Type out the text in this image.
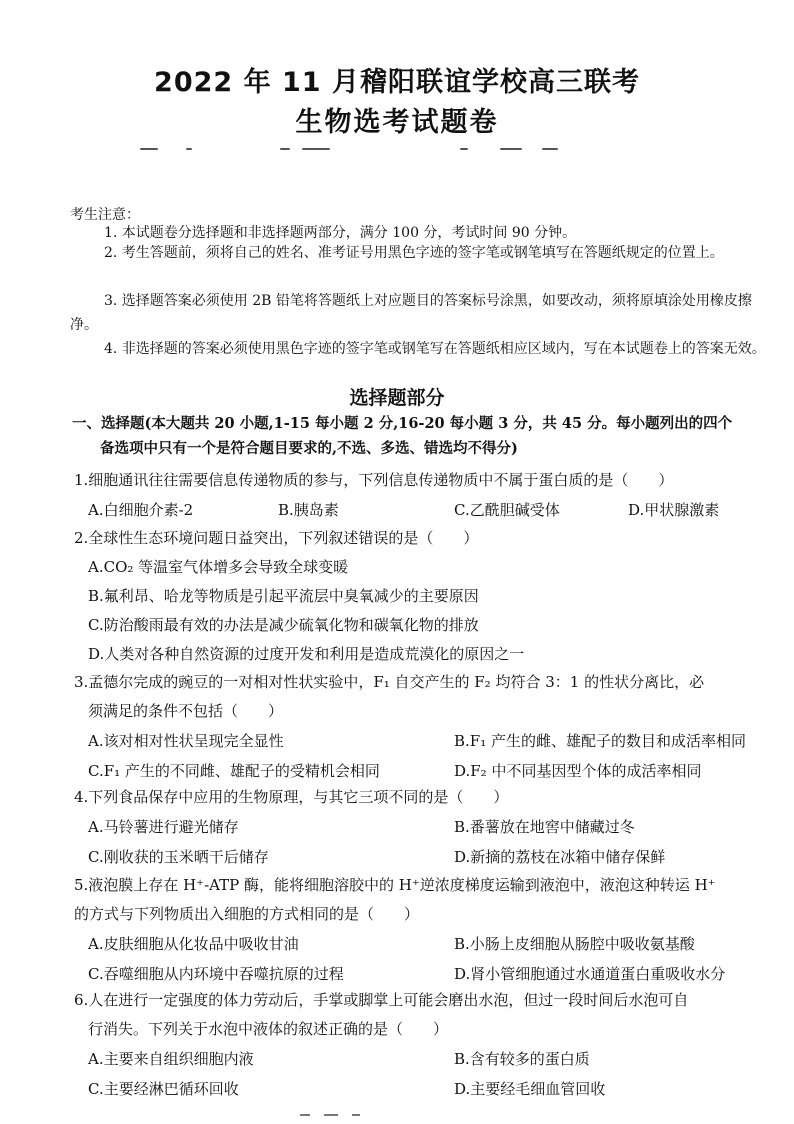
2022 年 11 月稽阳联谊学校高三联考
生物选考试题卷
考生注意：
1. 本试题卷分选择题和非选择题两部分，满分 100 分，考试时间 90 分钟。
2. 考生答题前，须将自己的姓名、准考证号用黑色字迹的签字笔或钢笔填写在答题纸规定的位置上。
3. 选择题答案必须使用 2B 铅笔将答题纸上对应题目的答案标号涂黑，如要改动，须将原填涂处用橡皮擦净。
4. 非选择题的答案必须使用黑色字迹的签字笔或钢笔写在答题纸相应区域内，写在本试题卷上的答案无效。
选择题部分
一、选择题(本大题共 20 小题,1-15 每小题 2 分,16-20 每小题 3 分，共 45 分。每小题列出的四个
备选项中只有一个是符合题目要求的,不选、多选、错选均不得分)
1.细胞通讯往往需要信息传递物质的参与，下列信息传递物质中不属于蛋白质的是（　　）
A.白细胞介素-2	B.胰岛素	C.乙酰胆碱受体	D.甲状腺激素
2.全球性生态环境问题日益突出，下列叙述错误的是（　　）
A.CO₂ 等温室气体增多会导致全球变暖
B.氟利昂、哈龙等物质是引起平流层中臭氧减少的主要原因
C.防治酸雨最有效的办法是减少硫氧化物和碳氧化物的排放
D.人类对各种自然资源的过度开发和利用是造成荒漠化的原因之一
3.孟德尔完成的豌豆的一对相对性状实验中，F₁ 自交产生的 F₂ 均符合 3：1 的性状分离比，必
须满足的条件不包括（　　）
A.该对相对性状呈现完全显性	B.F₁ 产生的雌、雄配子的数目和成活率相同
C.F₁ 产生的不同雌、雄配子的受精机会相同	D.F₂ 中不同基因型个体的成活率相同
4.下列食品保存中应用的生物原理，与其它三项不同的是（　　）
A.马铃薯进行避光储存	B.番薯放在地窖中储藏过冬
C.刚收获的玉米晒干后储存	D.新摘的荔枝在冰箱中储存保鲜
5.液泡膜上存在 H⁺-ATP 酶，能将细胞溶胶中的 H⁺逆浓度梯度运输到液泡中，液泡这种转运 H⁺
的方式与下列物质出入细胞的方式相同的是（　　）
A.皮肤细胞从化妆品中吸收甘油	B.小肠上皮细胞从肠腔中吸收氨基酸
C.吞噬细胞从内环境中吞噬抗原的过程	D.肾小管细胞通过水通道蛋白重吸收水分
6.人在进行一定强度的体力劳动后，手掌或脚掌上可能会磨出水泡，但过一段时间后水泡可自
行消失。下列关于水泡中液体的叙述正确的是（　　）
A.主要来自组织细胞内液	B.含有较多的蛋白质
C.主要经淋巴循环回收	D.主要经毛细血管回收
